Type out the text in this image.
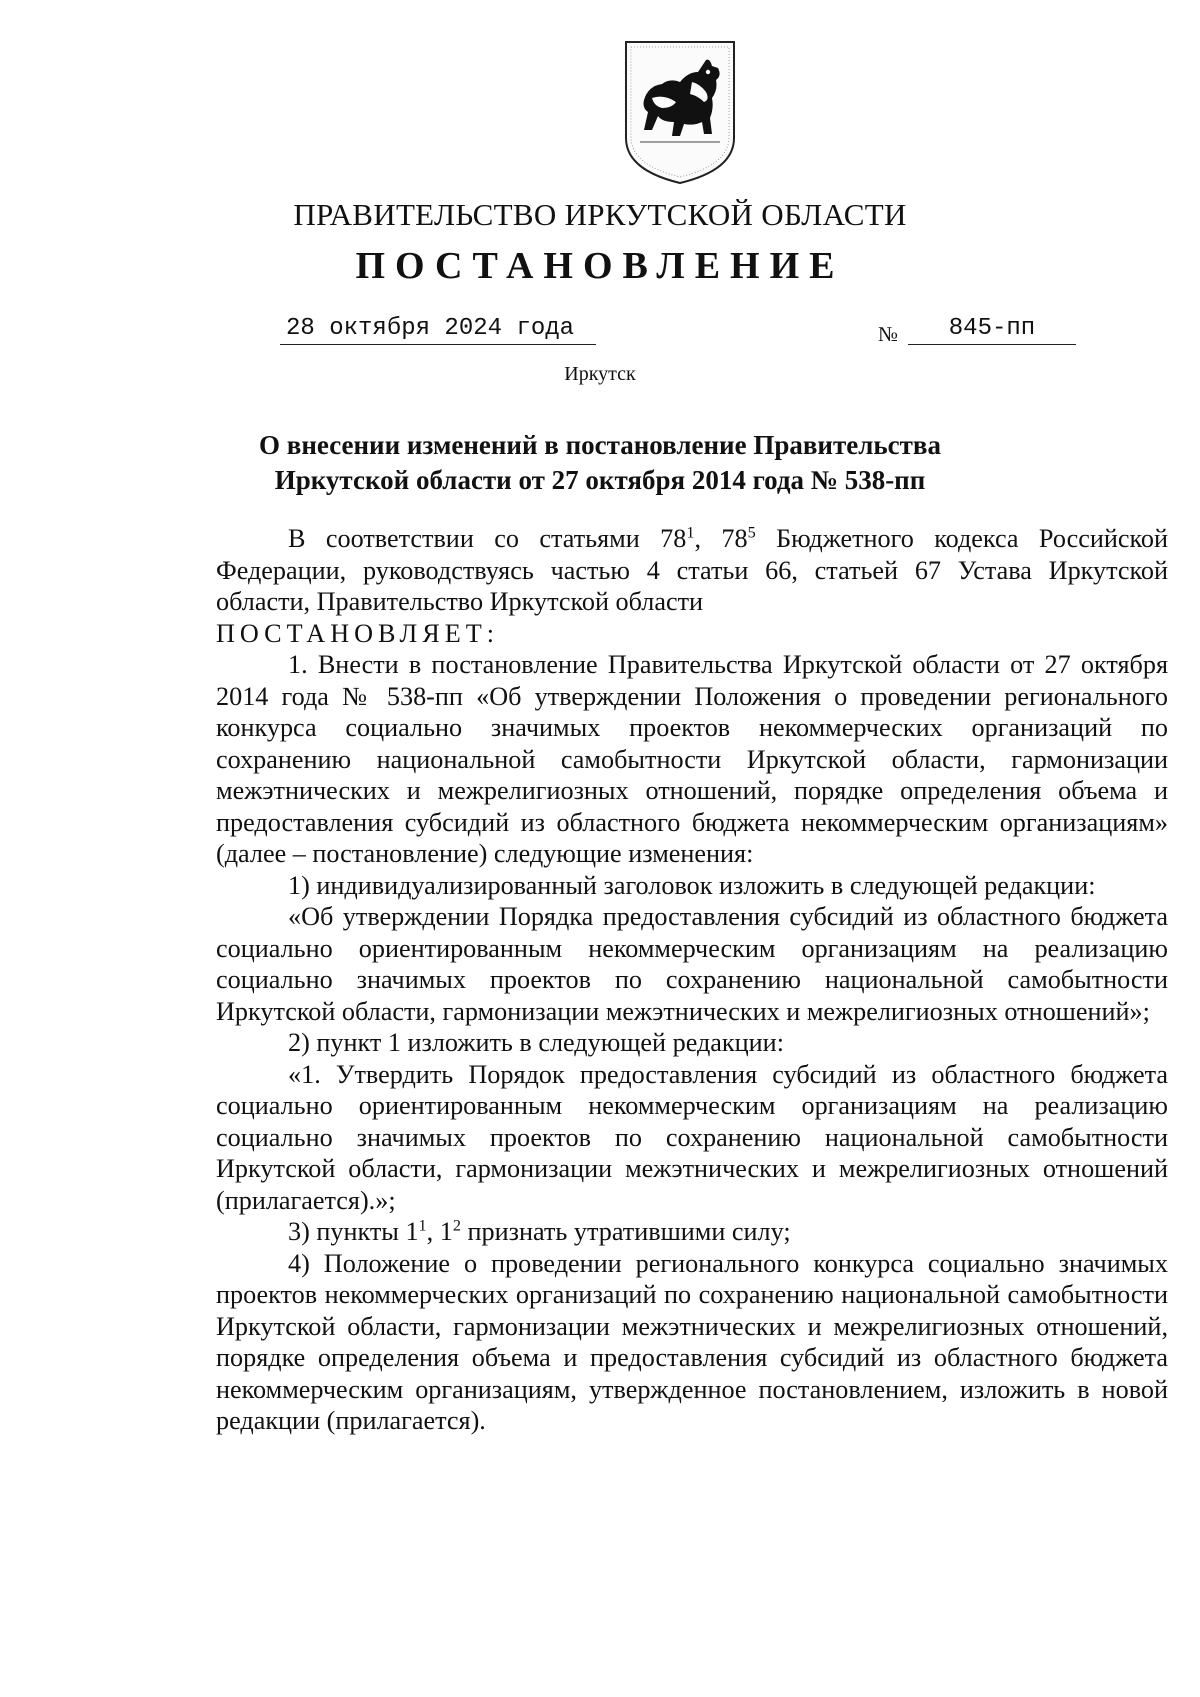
ПРАВИТЕЛЬСТВО ИРКУТСКОЙ ОБЛАСТИ
ПОСТАНОВЛЕНИЕ
28 октября 2024 года	№	845-пп
Иркутск
О внесении изменений в постановление Правительства
Иркутской области от 27 октября 2014 года № 538-пп

В соответствии со статьями $78^1$, $78^5$ Бюджетного кодекса Российской Федерации, руководствуясь частью 4 статьи 66, статьей 67 Устава Иркутской области, Правительство Иркутской области

ПОСТАНОВЛЯЕТ:

1. Внести в постановление Правительства Иркутской области от 27 октября 2014 года № 538-пп «Об утверждении Положения о проведении регионального конкурса социально значимых проектов некоммерческих организаций по сохранению национальной самобытности Иркутской области, гармонизации межэтнических и межрелигиозных отношений, порядке определения объема и предоставления субсидий из областного бюджета некоммерческим организациям» (далее – постановление) следующие изменения:

1) индивидуализированный заголовок изложить в следующей редакции:

«Об утверждении Порядка предоставления субсидий из областного бюджета социально ориентированным некоммерческим организациям на реализацию социально значимых проектов по сохранению национальной самобытности Иркутской области, гармонизации межэтнических и межрелигиозных отношений»;

2) пункт 1 изложить в следующей редакции:

«1. Утвердить Порядок предоставления субсидий из областного бюджета социально ориентированным некоммерческим организациям на реализацию социально значимых проектов по сохранению национальной самобытности Иркутской области, гармонизации межэтнических и межрелигиозных отношений (прилагается).»;

3) пункты $1^1$, $1^2$ признать утратившими силу;

4) Положение о проведении регионального конкурса социально значимых проектов некоммерческих организаций по сохранению национальной самобытности Иркутской области, гармонизации межэтнических и межрелигиозных отношений, порядке определения объема и предоставления субсидий из областного бюджета некоммерческим организациям, утвержденное постановлением, изложить в новой редакции (прилагается).
